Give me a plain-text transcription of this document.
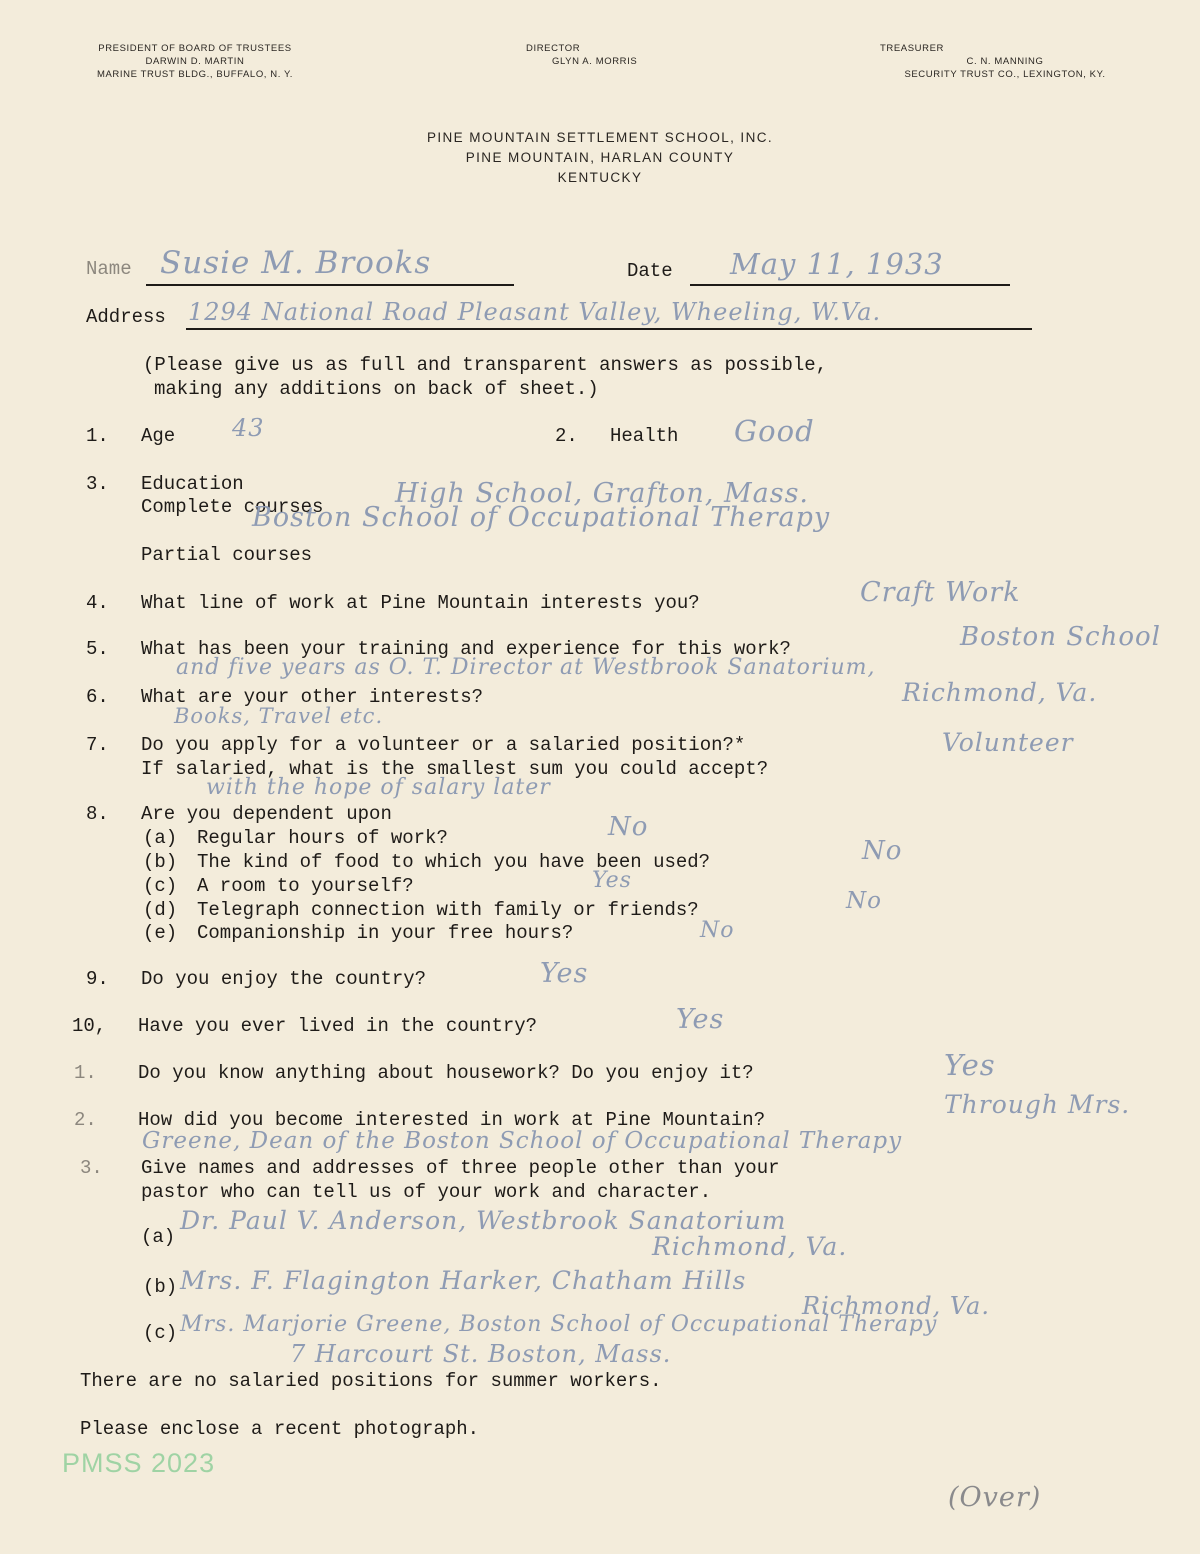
PRESIDENT OF BOARD OF TRUSTEES
DARWIN D. MARTIN
MARINE TRUST BLDG., BUFFALO, N. Y.
DIRECTOR
GLYN A. MORRIS
TREASURER
C. N. MANNING
SECURITY TRUST CO., LEXINGTON, KY.
PINE MOUNTAIN SETTLEMENT SCHOOL, INC.
PINE MOUNTAIN, HARLAN COUNTY
KENTUCKY
Name Susie M. Brooks	Date May 11, 1933
Address 1294 National Road Pleasant Valley, Wheeling, W.Va.
(Please give us as full and transparent answers as possible,
making any additions on back of sheet.)
1. Age 43	2. Health Good
3. Education
Complete courses	High School, Grafton, Mass.
Boston School of Occupational Therapy
Partial courses
4. What line of work at Pine Mountain interests you?	Craft Work
5. What has been your training and experience for this work?	Boston School
and five years as O. T. Director at Westbrook Sanatorium,
Richmond, Va.
6. What are your other interests?
Books, Travel etc.
7. Do you apply for a volunteer or a salaried position?*
If salaried, what is the smallest sum you could accept?
Volunteer
with the hope of salary later
8. Are you dependent upon
(a) Regular hours of work?	No
(b) The kind of food to which you have been used?	No
(c) A room to yourself?	Yes
(d) Telegraph connection with family or friends?	No
(e) Companionship in your free hours?	No
9. Do you enjoy the country?	Yes
10, Have you ever lived in the country?	Yes
1. Do you know anything about housework? Do you enjoy it?	Yes
2. How did you become interested in work at Pine Mountain?
Through Mrs.
Greene, Dean of the Boston School of Occupational Therapy
3. Give names and addresses of three people other than your
pastor who can tell us of your work and character.
(a)
Dr. Paul V. Anderson, Westbrook Sanatorium
Richmond, Va.
(b) Mrs. F. Flagington Harker, Chatham Hills
Richmond, Va.
(c) Mrs. Marjorie Greene, Boston School of Occupational Therapy
7 Harcourt St. Boston, Mass.
There are no salaried positions for summer workers.
Please enclose a recent photograph.
(Over)
PMSS 2023
